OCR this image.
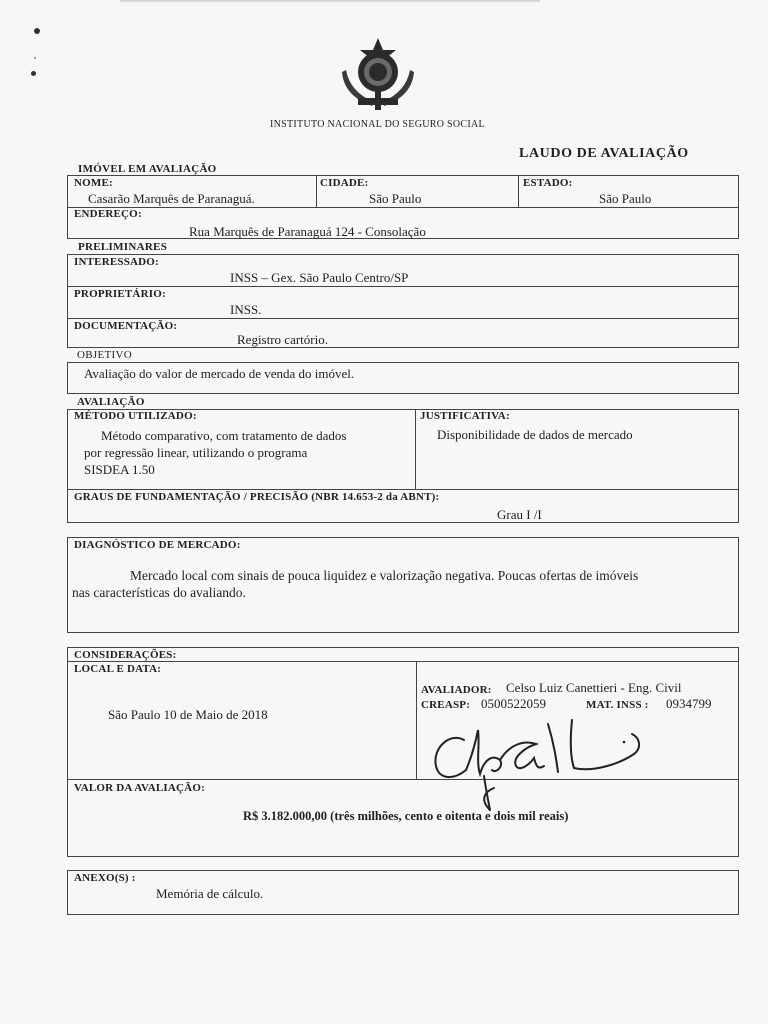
INSTITUTO NACIONAL DO SEGURO SOCIAL
LAUDO DE AVALIAÇÃO
IMÓVEL EM AVALIAÇÃO
NOME:
Casarão Marquês de Paranaguá.
CIDADE:
São Paulo
ESTADO:
São Paulo
ENDEREÇO:
Rua Marquês de Paranaguá 124 - Consolação
PRELIMINARES
INTERESSADO:
INSS – Gex. São Paulo Centro/SP
PROPRIETÁRIO:
INSS.
DOCUMENTAÇÃO:
Registro cartório.
OBJETIVO
Avaliação do valor de mercado de venda do imóvel.
AVALIAÇÃO
MÉTODO UTILIZADO:
Método comparativo, com tratamento de dados
por regressão linear, utilizando o programa
SISDEA 1.50
JUSTIFICATIVA:
Disponibilidade de dados de mercado
GRAUS DE FUNDAMENTAÇÃO / PRECISÃO (NBR 14.653-2 da ABNT):
Grau I /I
DIAGNÓSTICO DE MERCADO:
Mercado local com sinais de pouca liquidez e valorização negativa. Poucas ofertas de imóveis
nas características do avaliando.
CONSIDERAÇÕES:
LOCAL E DATA:
São Paulo 10 de Maio de 2018
AVALIADOR: Celso Luiz Canettieri - Eng. Civil
CREASP: 0500522059	MAT. INSS : 0934799
VALOR DA AVALIAÇÃO:
R$ 3.182.000,00 (três milhões, cento e oitenta e dois mil reais)
ANEXO(S) :
Memória de cálculo.
